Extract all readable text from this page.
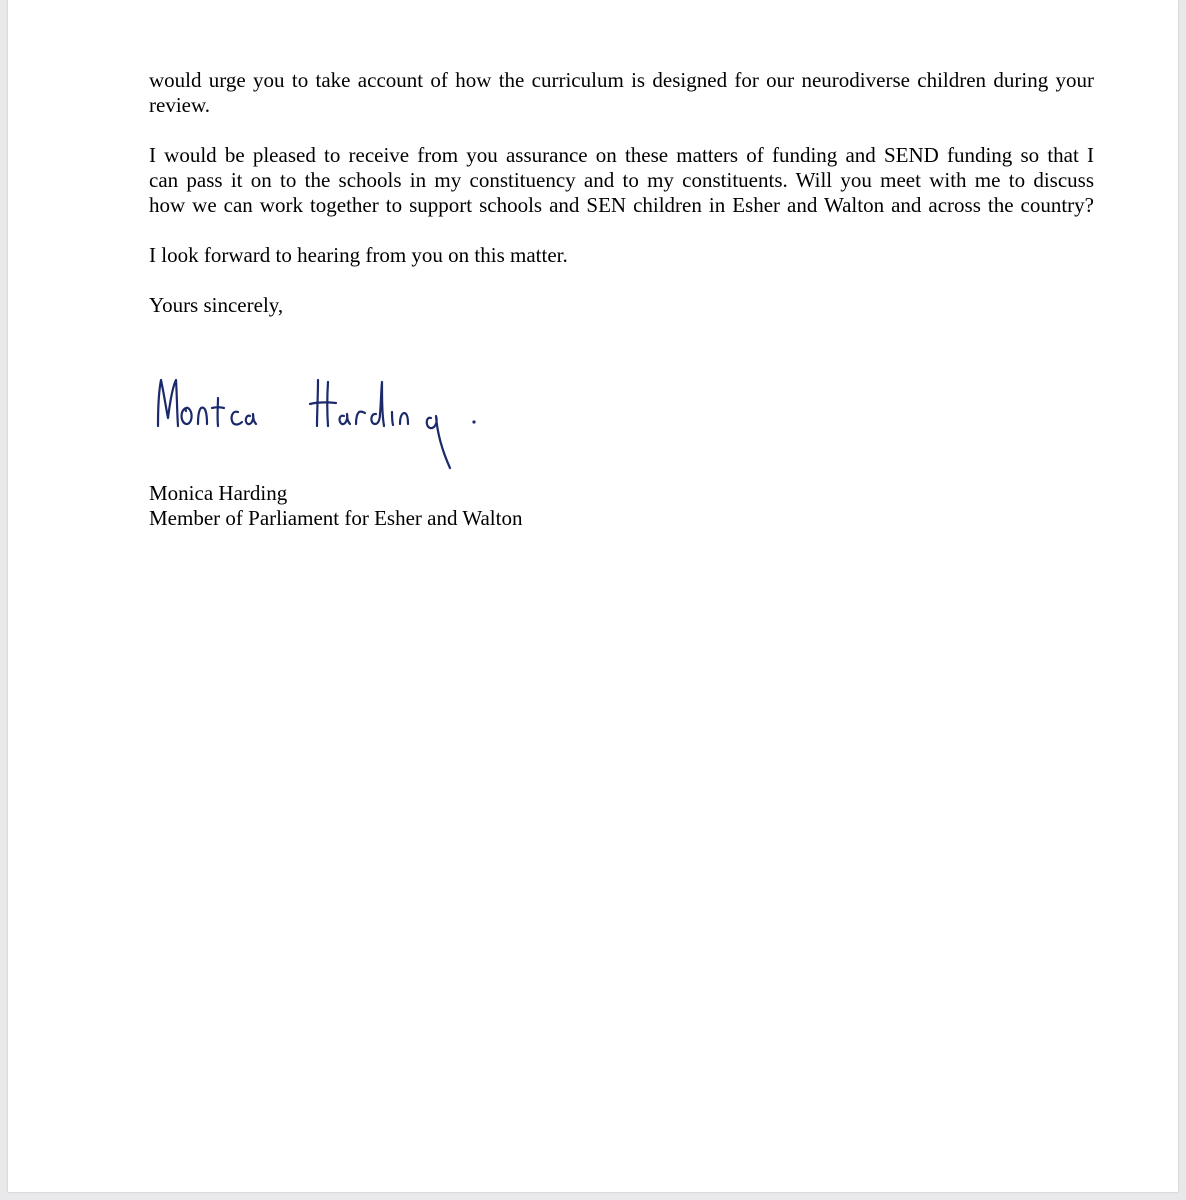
would urge you to take account of how the curriculum is designed for our neurodiverse children during your
review.
I would be pleased to receive from you assurance on these matters of funding and SEND funding so that I
can pass it on to the schools in my constituency and to my constituents. Will you meet with me to discuss
how we can work together to support schools and SEN children in Esher and Walton and across the country?
I look forward to hearing from you on this matter.
Yours sincerely,
Monica Harding
Member of Parliament for Esher and Walton
